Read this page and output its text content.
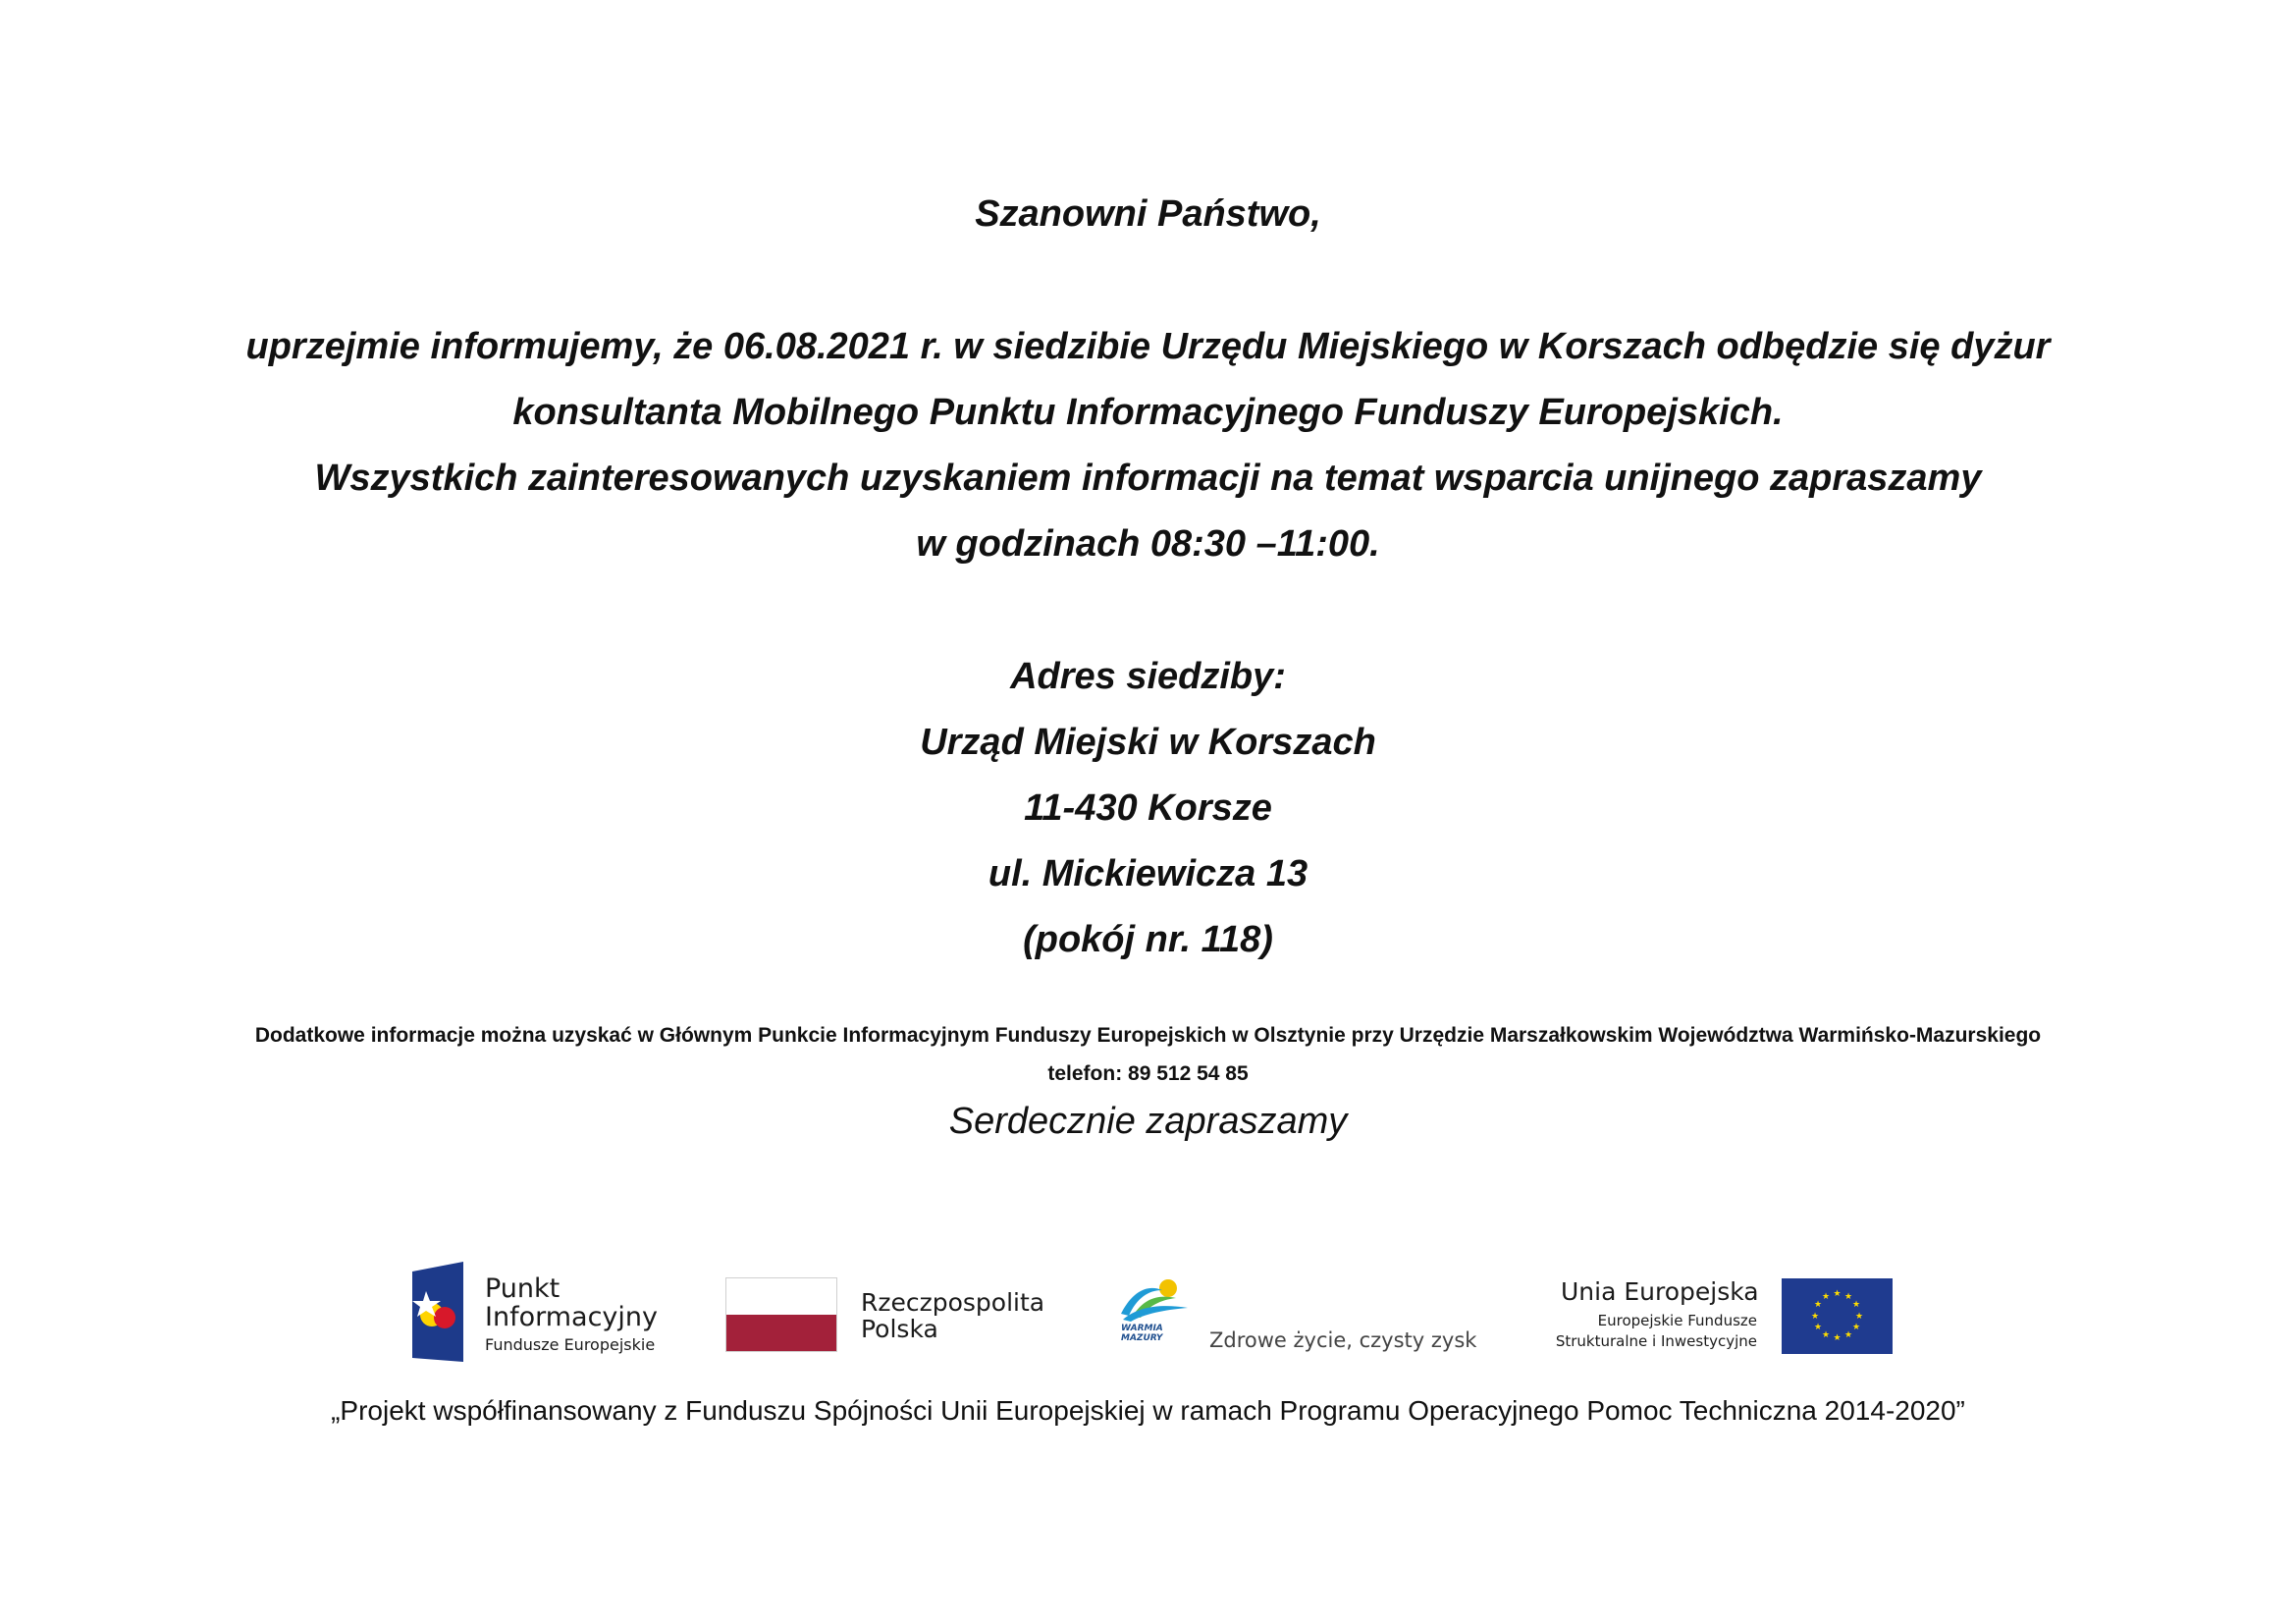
Szanowni Państwo,
uprzejmie informujemy, że 06.08.2021 r. w siedzibie Urzędu Miejskiego w Korszach odbędzie się dyżur
konsultanta Mobilnego Punktu Informacyjnego Funduszy Europejskich.
Wszystkich zainteresowanych uzyskaniem informacji na temat wsparcia unijnego zapraszamy
w godzinach 08:30 –11:00.
Adres siedziby:
Urząd Miejski w Korszach
11-430 Korsze
ul. Mickiewicza 13
(pokój nr. 118)
Dodatkowe informacje można uzyskać w Głównym Punkcie Informacyjnym Funduszy Europejskich w Olsztynie przy Urzędzie Marszałkowskim Województwa Warmińsko-Mazurskiego
telefon: 89 512 54 85
Serdecznie zapraszamy
Punkt
Informacyjny
Fundusze Europejskie
Rzeczpospolita
Polska	WARMIA
MAZURY Zdrowe życie, czysty zysk
Unia Europejska
Europejskie Fundusze
Strukturalne i Inwestycyjne
★ ★
★
★
★
★
★
★
★
★
★
★
„Projekt współfinansowany z Funduszu Spójności Unii Europejskiej w ramach Programu Operacyjnego Pomoc Techniczna 2014-2020”
